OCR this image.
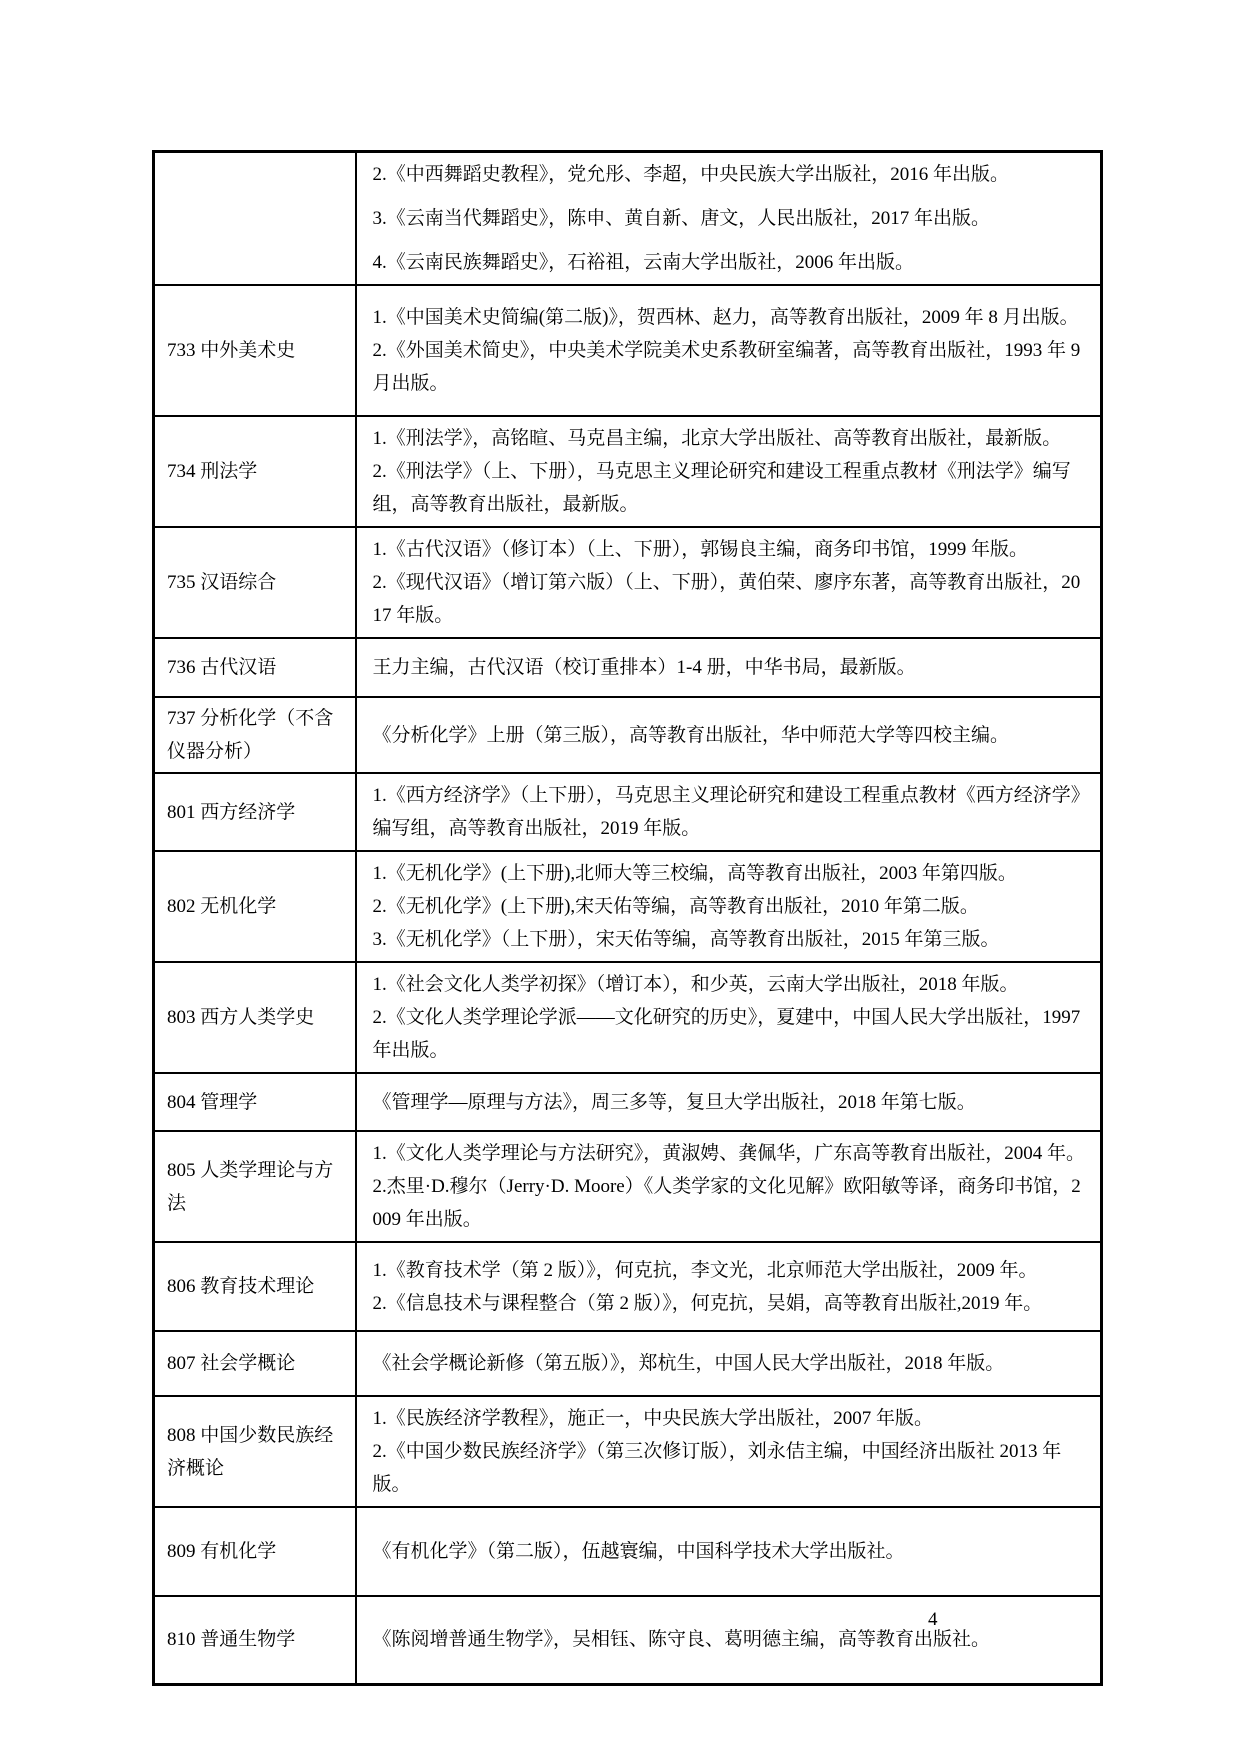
	2.《中西舞蹈史教程》，党允彤、李超，中央民族大学出版社，2016 年出版。

3.《云南当代舞蹈史》，陈申、黄自新、唐文，人民出版社，2017 年出版。

4.《云南民族舞蹈史》，石裕祖，云南大学出版社，2006 年出版。

733 中外美术史	1.《中国美术史简编(第二版)》，贺西林、赵力，高等教育出版社，2009 年 8 月出版。

2.《外国美术简史》，中央美术学院美术史系教研室编著，高等教育出版社，1993 年 9 月出版。

734 刑法学	1.《刑法学》，高铭暄、马克昌主编，北京大学出版社、高等教育出版社，最新版。

2.《刑法学》（上、下册），马克思主义理论研究和建设工程重点教材《刑法学》编写组，高等教育出版社，最新版。

735 汉语综合	1.《古代汉语》（修订本）（上、下册），郭锡良主编，商务印书馆，1999 年版。

2.《现代汉语》（增订第六版）（上、下册），黄伯荣、廖序东著，高等教育出版社，2017 年版。

736 古代汉语	王力主编，古代汉语（校订重排本）1-4 册，中华书局，最新版。

737 分析化学（不含仪器分析）	《分析化学》上册（第三版），高等教育出版社，华中师范大学等四校主编。

801 西方经济学	1.《西方经济学》（上下册），马克思主义理论研究和建设工程重点教材《西方经济学》编写组，高等教育出版社，2019 年版。

802 无机化学	1.《无机化学》(上下册),北师大等三校编，高等教育出版社，2003 年第四版。

2.《无机化学》(上下册),宋天佑等编，高等教育出版社，2010 年第二版。

3.《无机化学》（上下册），宋天佑等编，高等教育出版社，2015 年第三版。

803 西方人类学史	1.《社会文化人类学初探》（增订本），和少英，云南大学出版社，2018 年版。

2.《文化人类学理论学派——文化研究的历史》，夏建中，中国人民大学出版社，1997 年出版。

804 管理学	《管理学—原理与方法》，周三多等，复旦大学出版社，2018 年第七版。

805 人类学理论与方法	1.《文化人类学理论与方法研究》，黄淑娉、龚佩华，广东高等教育出版社，2004 年。

2.杰里·D.穆尔（Jerry·D. Moore）《人类学家的文化见解》欧阳敏等译，商务印书馆，2009 年出版。

806 教育技术理论	1.《教育技术学（第 2 版）》，何克抗，李文光，北京师范大学出版社，2009 年。

2.《信息技术与课程整合（第 2 版）》，何克抗，吴娟，高等教育出版社,2019 年。

807 社会学概论	《社会学概论新修（第五版）》，郑杭生，中国人民大学出版社，2018 年版。

808 中国少数民族经济概论	1.《民族经济学教程》，施正一，中央民族大学出版社，2007 年版。

2.《中国少数民族经济学》（第三次修订版），刘永佶主编，中国经济出版社 2013 年版。

809 有机化学	《有机化学》（第二版），伍越寰编，中国科学技术大学出版社。

810 普通生物学	《陈阅增普通生物学》，吴相钰、陈守良、葛明德主编，高等教育出版社。

4
